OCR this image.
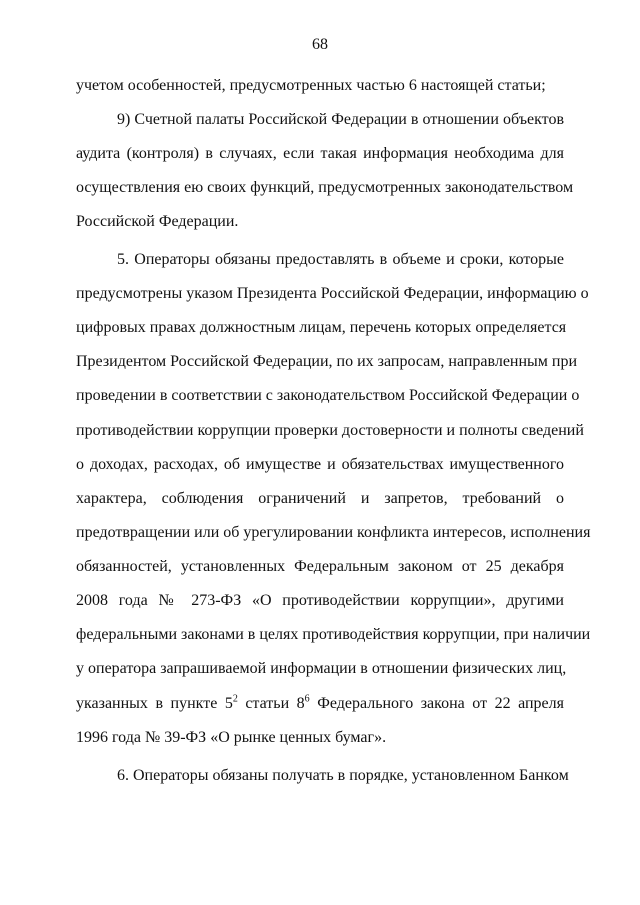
68
учетом особенностей, предусмотренных частью 6 настоящей статьи;
9) Счетной палаты Российской Федерации в отношении объектов
аудита (контроля) в случаях, если такая информация необходима для
осуществления ею своих функций, предусмотренных законодательством
Российской Федерации.
5. Операторы обязаны предоставлять в объеме и сроки, которые
предусмотрены указом Президента Российской Федерации, информацию о
цифровых правах должностным лицам, перечень которых определяется
Президентом Российской Федерации, по их запросам, направленным при
проведении в соответствии с законодательством Российской Федерации о
противодействии коррупции проверки достоверности и полноты сведений
о доходах, расходах, об имуществе и обязательствах имущественного
характера, соблюдения ограничений и запретов, требований о
предотвращении или об урегулировании конфликта интересов, исполнения
обязанностей, установленных Федеральным законом от 25 декабря
2008 года № 273-ФЗ «О противодействии коррупции», другими
федеральными законами в целях противодействия коррупции, при наличии
у оператора запрашиваемой информации в отношении физических лиц,
указанных в пункте $5^2$ статьи $8^6$ Федерального закона от 22 апреля
1996 года № 39-ФЗ «О рынке ценных бумаг».
6. Операторы обязаны получать в порядке, установленном Банком
